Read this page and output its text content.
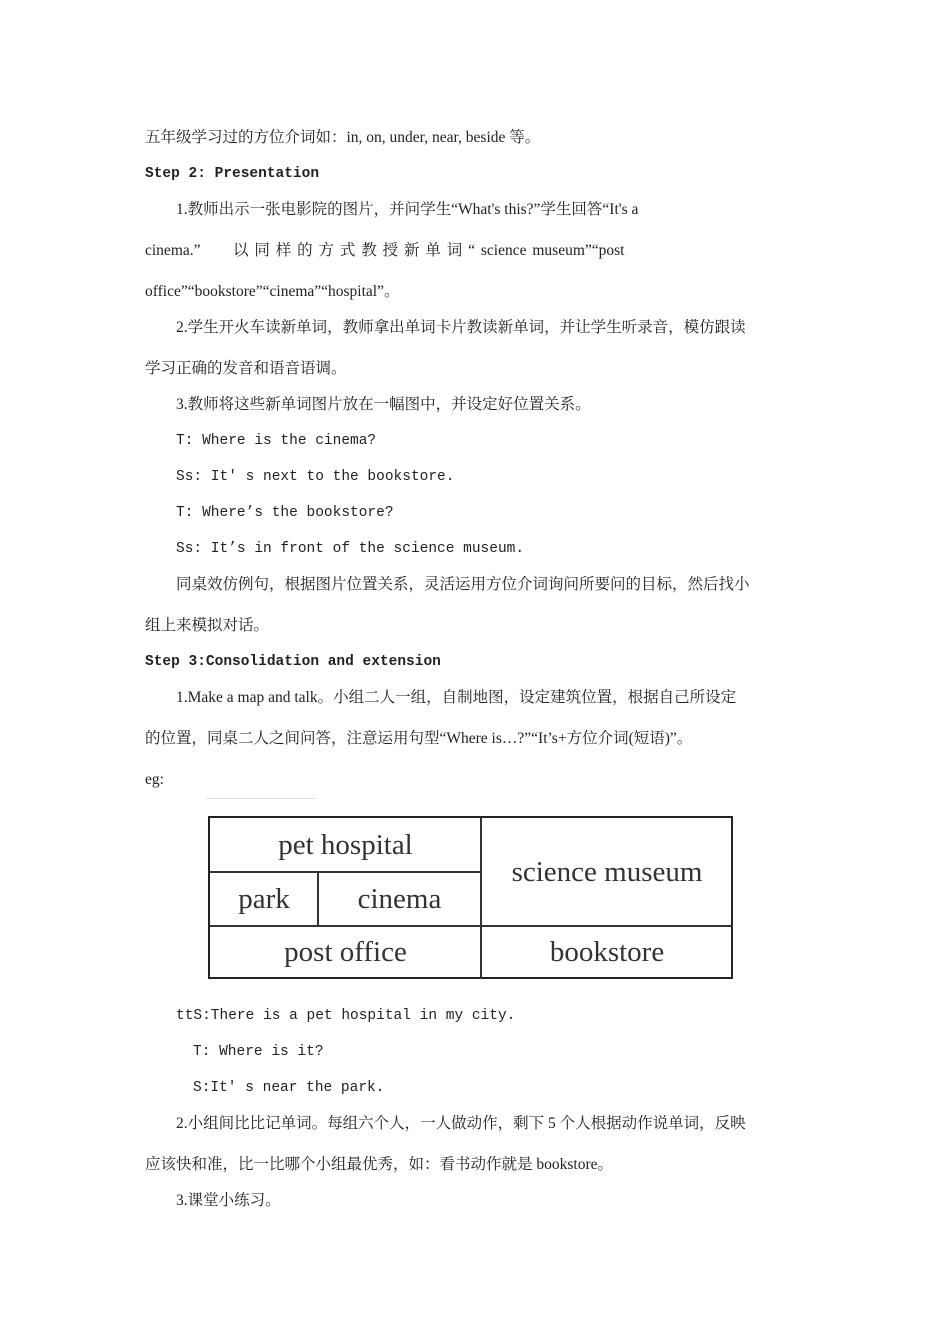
五年级学习过的方位介词如：in, on, under, near, beside 等。
Step 2: Presentation
1.教师出示一张电影院的图片，并问学生“What's this?”学生回答“It's a
cinema.” 以 同 样 的 方 式 教 授 新 单 词 “ science museum”“post
office”“bookstore”“cinema”“hospital”。
2.学生开火车读新单词，教师拿出单词卡片教读新单词，并让学生听录音，模仿跟读
学习正确的发音和语音语调。
3.教师将这些新单词图片放在一幅图中，并设定好位置关系。
T: Where is the cinema?
Ss: It' s next to the bookstore.
T: Where’s the bookstore?
Ss: It’s in front of the science museum.
同桌效仿例句，根据图片位置关系，灵活运用方位介词询问所要问的目标，然后找小
组上来模拟对话。
Step 3:Consolidation and extension
1.Make a map and talk。小组二人一组，自制地图，设定建筑位置，根据自己所设定
的位置，同桌二人之间问答，注意运用句型“Where is…?”“It’s+方位介词(短语)”。
eg:
pet hospital
park	cinema
science museum
post office	bookstore
ttS:There is a pet hospital in my city.
T: Where is it?
S:It' s near the park.
2.小组间比比记单词。每组六个人，一人做动作，剩下 5 个人根据动作说单词，反映
应该快和准，比一比哪个小组最优秀，如：看书动作就是 bookstore。
3.课堂小练习。
